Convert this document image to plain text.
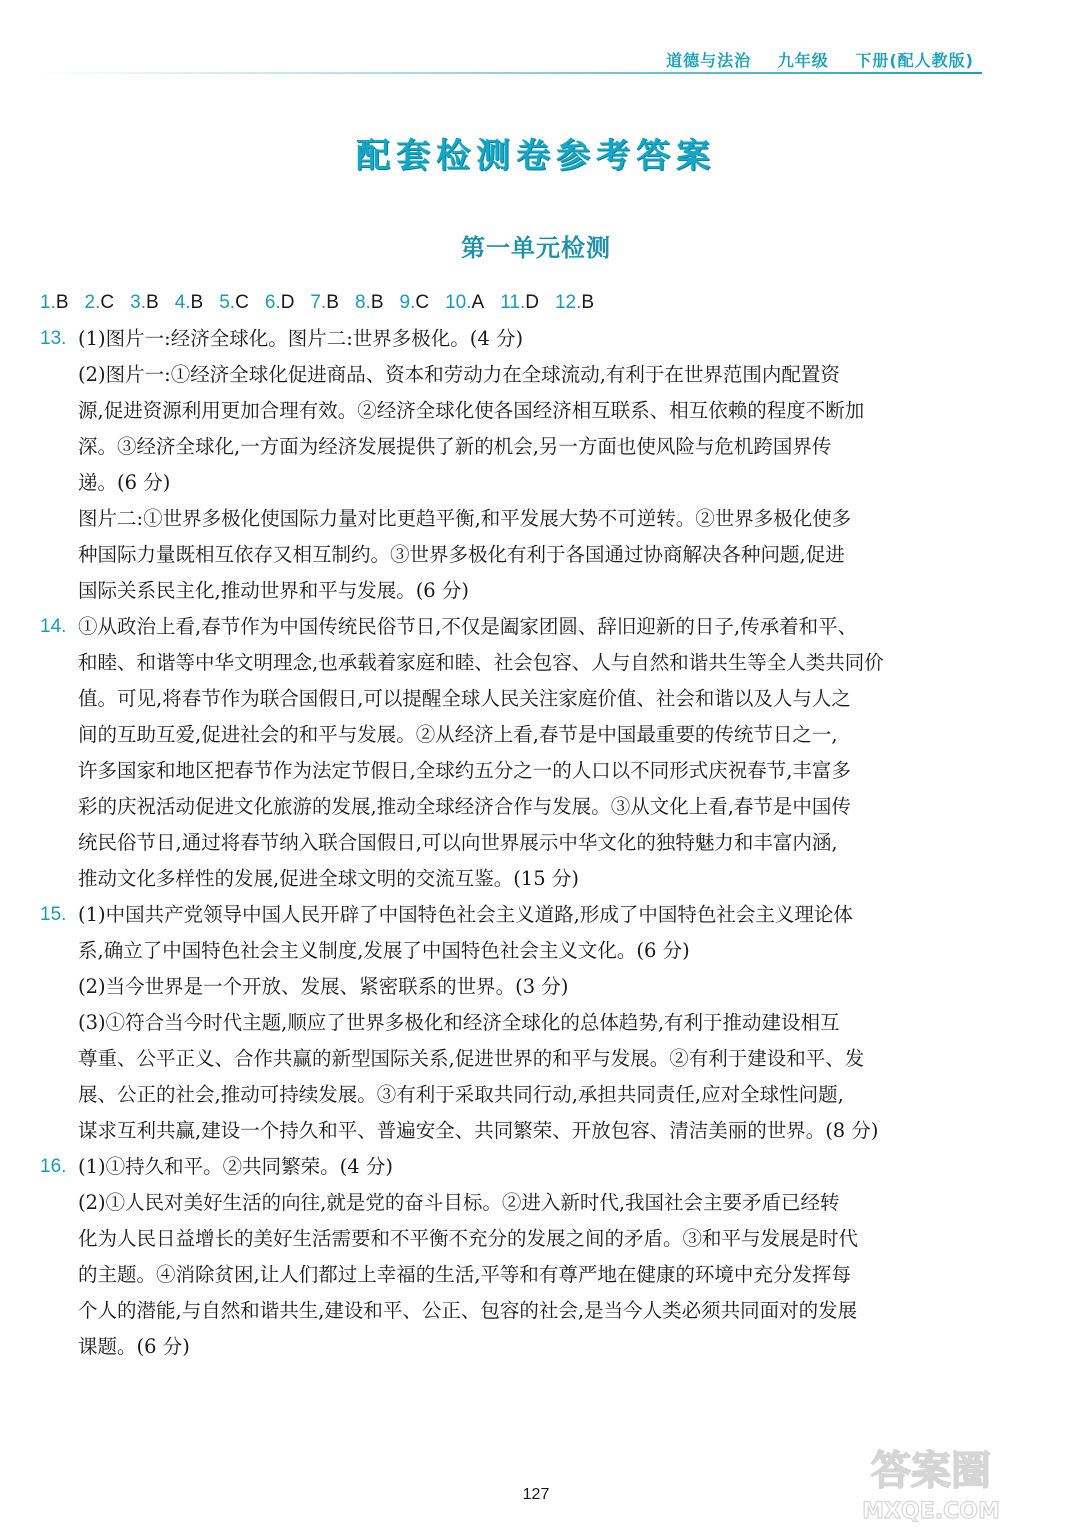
道德与法治 九年级 下册(配人教版)
配套检测卷参考答案
第一单元检测
1.B 2.C 3.B 4.B 5.C 6.D 7.B 8.B 9.C 10.A 11.D 12.B
13. (1)图片一:经济全球化。图片二:世界多极化。(4 分)
(2)图片一:①经济全球化促进商品、资本和劳动力在全球流动,有利于在世界范围内配置资
源,促进资源利用更加合理有效。②经济全球化使各国经济相互联系、相互依赖的程度不断加
深。③经济全球化,一方面为经济发展提供了新的机会,另一方面也使风险与危机跨国界传
递。(6 分)
图片二:①世界多极化使国际力量对比更趋平衡,和平发展大势不可逆转。②世界多极化使多
种国际力量既相互依存又相互制约。③世界多极化有利于各国通过协商解决各种问题,促进
国际关系民主化,推动世界和平与发展。(6 分)
14. ①从政治上看,春节作为中国传统民俗节日,不仅是阖家团圆、辞旧迎新的日子,传承着和平、
和睦、和谐等中华文明理念,也承载着家庭和睦、社会包容、人与自然和谐共生等全人类共同价
值。可见,将春节作为联合国假日,可以提醒全球人民关注家庭价值、社会和谐以及人与人之
间的互助互爱,促进社会的和平与发展。②从经济上看,春节是中国最重要的传统节日之一,
许多国家和地区把春节作为法定节假日,全球约五分之一的人口以不同形式庆祝春节,丰富多
彩的庆祝活动促进文化旅游的发展,推动全球经济合作与发展。③从文化上看,春节是中国传
统民俗节日,通过将春节纳入联合国假日,可以向世界展示中华文化的独特魅力和丰富内涵,
推动文化多样性的发展,促进全球文明的交流互鉴。(15 分)
15. (1)中国共产党领导中国人民开辟了中国特色社会主义道路,形成了中国特色社会主义理论体
系,确立了中国特色社会主义制度,发展了中国特色社会主义文化。(6 分)
(2)当今世界是一个开放、发展、紧密联系的世界。(3 分)
(3)①符合当今时代主题,顺应了世界多极化和经济全球化的总体趋势,有利于推动建设相互
尊重、公平正义、合作共赢的新型国际关系,促进世界的和平与发展。②有利于建设和平、发
展、公正的社会,推动可持续发展。③有利于采取共同行动,承担共同责任,应对全球性问题,
谋求互利共赢,建设一个持久和平、普遍安全、共同繁荣、开放包容、清洁美丽的世界。(8 分)
16. (1)①持久和平。②共同繁荣。(4 分)
(2)①人民对美好生活的向往,就是党的奋斗目标。②进入新时代,我国社会主要矛盾已经转
化为人民日益增长的美好生活需要和不平衡不充分的发展之间的矛盾。③和平与发展是时代
的主题。④消除贫困,让人们都过上幸福的生活,平等和有尊严地在健康的环境中充分发挥每
个人的潜能,与自然和谐共生,建设和平、公正、包容的社会,是当今人类必须共同面对的发展
课题。(6 分)
127
答案圈
MXQE.COM
